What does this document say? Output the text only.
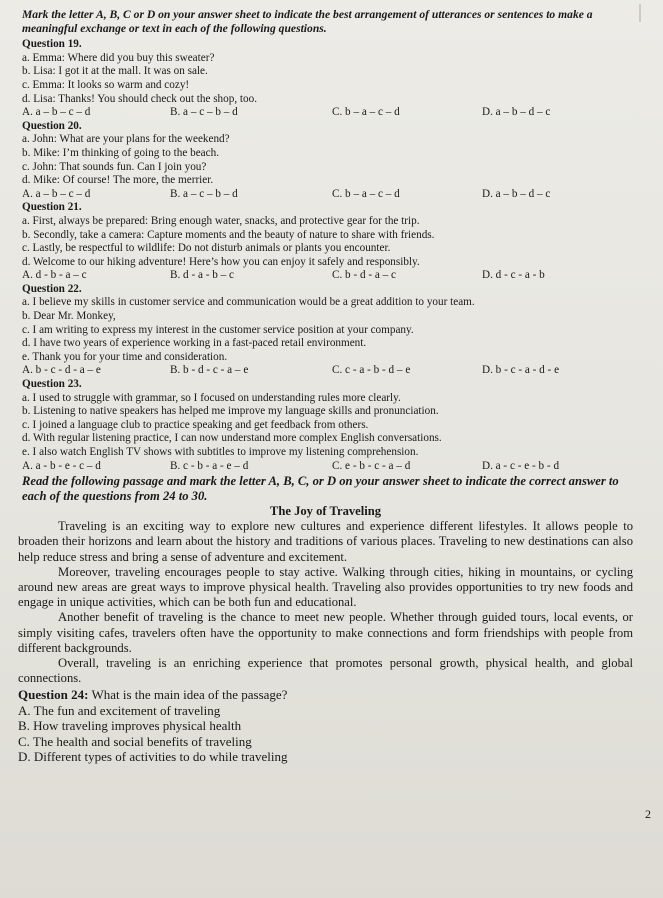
Mark the letter A, B, C or D on your answer sheet to indicate the best arrangement of utterances or sentences to make a meaningful exchange or text in each of the following questions.
Question 19.
a. Emma: Where did you buy this sweater?
b. Lisa: I got it at the mall. It was on sale.
c. Emma: It looks so warm and cozy!
d. Lisa: Thanks! You should check out the shop, too.
A. a – b – c – d	B. a – c – b – d	C. b – a – c – d	D. a – b – d – c
Question 20.
a. John: What are your plans for the weekend?
b. Mike: I’m thinking of going to the beach.
c. John: That sounds fun. Can I join you?
d. Mike: Of course! The more, the merrier.
A. a – b – c – d	B. a – c – b – d	C. b – a – c – d	D. a – b – d – c
Question 21.
a. First, always be prepared: Bring enough water, snacks, and protective gear for the trip.
b. Secondly, take a camera: Capture moments and the beauty of nature to share with friends.
c. Lastly, be respectful to wildlife: Do not disturb animals or plants you encounter.
d. Welcome to our hiking adventure! Here’s how you can enjoy it safely and responsibly.
A. d - b - a – c	B. d - a - b – c	C. b - d - a – c	D. d - c - a - b
Question 22.
a. I believe my skills in customer service and communication would be a great addition to your team.
b. Dear Mr. Monkey,
c. I am writing to express my interest in the customer service position at your company.
d. I have two years of experience working in a fast-paced retail environment.
e. Thank you for your time and consideration.
A. b - c - d - a – e	B. b - d - c - a – e	C. c - a - b - d – e	D. b - c - a - d - e
Question 23.
a. I used to struggle with grammar, so I focused on understanding rules more clearly.
b. Listening to native speakers has helped me improve my language skills and pronunciation.
c. I joined a language club to practice speaking and get feedback from others.
d. With regular listening practice, I can now understand more complex English conversations.
e. I also watch English TV shows with subtitles to improve my listening comprehension.
A. a - b - e - c – d	B. c - b - a - e – d	C. e - b - c - a – d	D. a - c - e - b - d
Read the following passage and mark the letter A, B, C, or D on your answer sheet to indicate the correct answer to each of the questions from 24 to 30.
The Joy of Traveling

Traveling is an exciting way to explore new cultures and experience different lifestyles. It allows people to broaden their horizons and learn about the history and traditions of various places. Traveling to new destinations can also help reduce stress and bring a sense of adventure and excitement.

Moreover, traveling encourages people to stay active. Walking through cities, hiking in mountains, or cycling around new areas are great ways to improve physical health. Traveling also provides opportunities to try new foods and engage in unique activities, which can be both fun and educational.

Another benefit of traveling is the chance to meet new people. Whether through guided tours, local events, or simply visiting cafes, travelers often have the opportunity to make connections and form friendships with people from different backgrounds.

Overall, traveling is an enriching experience that promotes personal growth, physical health, and global connections.

Question 24: What is the main idea of the passage?
A. The fun and excitement of traveling
B. How traveling improves physical health
C. The health and social benefits of traveling
D. Different types of activities to do while traveling
2
